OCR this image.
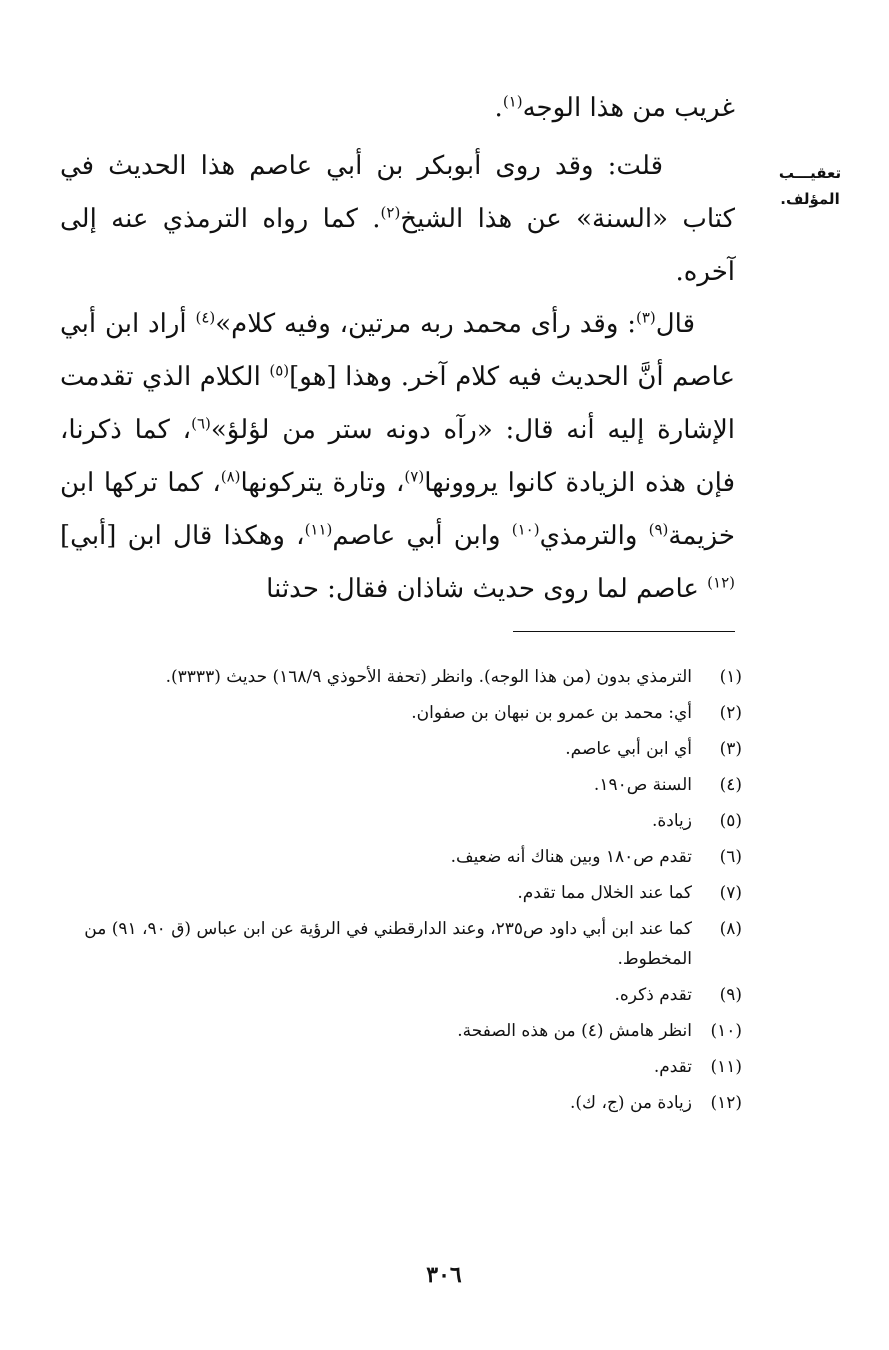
تعقيـــب
المؤلف.

غريب من هذا الوجه$^{(١)}$.

قلت: وقد روى أبوبكر بن أبي عاصم هذا الحديث في كتاب «السنة» عن هذا الشيخ$^{(٢)}$. كما رواه الترمذي عنه إلى آخره.

قال$^{(٣)}$: وقد رأى محمد ربه مرتين، وفيه كلام»$^{(٤)}$ أراد ابن أبي عاصم أنَّ الحديث فيه كلام آخر. وهذا [هو]$^{(٥)}$ الكلام الذي تقدمت الإشارة إليه أنه قال: «رآه دونه ستر من لؤلؤ»$^{(٦)}$، كما ذكرنا، فإن هذه الزيادة كانوا يروونها$^{(٧)}$، وتارة يتركونها$^{(٨)}$، كما تركها ابن خزيمة$^{(٩)}$ والترمذي$^{(١٠)}$ وابن أبي عاصم$^{(١١)}$، وهكذا قال ابن [أبي]$^{(١٢)}$ عاصم لما روى حديث شاذان فقال: حدثنا

(١)
الترمذي بدون (من هذا الوجه). وانظر (تحفة الأحوذي ١٦٨/٩) حديث (٣٣٣٣).
(٢)
أي: محمد بن عمرو بن نبهان بن صفوان.
(٣)
أي ابن أبي عاصم.
(٤)
السنة ص١٩٠.
(٥)
زيادة.
(٦)
تقدم ص١٨٠ وبين هناك أنه ضعيف.
(٧)
كما عند الخلال مما تقدم.
(٨)
كما عند ابن أبي داود ص٢٣٥، وعند الدارقطني في الرؤية عن ابن عباس (ق ٩٠، ٩١) من المخطوط.
(٩)
تقدم ذكره.
(١٠)
انظر هامش (٤) من هذه الصفحة.
(١١)
تقدم.
(١٢)
زيادة من (ج، ك).
٣٠٦
